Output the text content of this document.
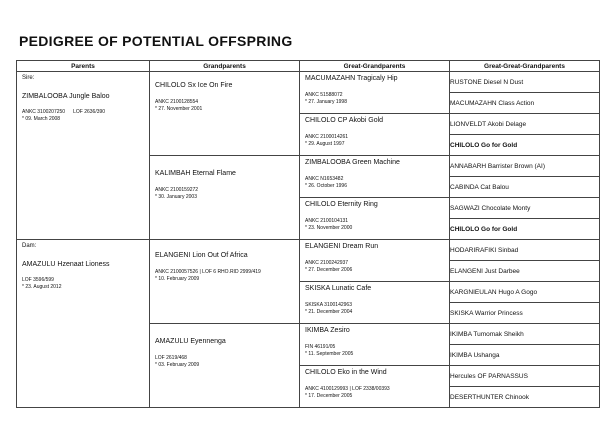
PEDIGREE OF POTENTIAL OFFSPRING
Parents	Grandparents	Great-Grandparents	Great-Great-Grandparents

Sire:
ZIMBALOOBA Jungle Baloo
ANKC 3100207250 LOF 2636/390
* 09. March 2008	CHILOLO Sx Ice On Fire
ANKC 2100128554
* 27. November 2001	MACUMAZAHN Tragicaly Hip
ANKC 51588072
* 27. January 1998	RUSTONE Diesel N Dust
			MACUMAZAHN Class Action

		CHILOLO CP Akobi Gold
ANKC 2100014261
* 29. August 1997	LIONVELDT Akobi Delage
			CHILOLO Go for Gold

	KALIMBAH Eternal Flame
ANKC 2100159272
* 30. January 2003	ZIMBALOOBA Green Machine
ANKC N1653482
* 26. October 1996	ANNABARH Barrister Brown (AI)
			CABINDA Cat Balou

		CHILOLO Eternity Ring
ANKC 2100104131
* 23. November 2000	SAGWAZI Chocolate Monty
			CHILOLO Go for Gold

Dam:
AMAZULU Hzenaat Lioness
LOF 3596/599
* 23. August 2012	ELANGENI Lion Out Of Africa
ANKC 2100057526 | LOF 6 RHO.RID 2999/419
* 10. February 2009	ELANGENI Dream Run
ANKC 2100242937
* 27. December 2006	HODARIRAFIKI Sinbad
			ELANGENI Just Darbee

		SKISKA Lunatic Cafe
SKISKA 3100142963
* 21. December 2004	KARGNIEULAN Hugo A Gogo
			SKISKA Warrior Princess

	AMAZULU Eyennenga
LOF 2619/468
* 03. February 2009	IKIMBA Zesiro
FIN 46191/05
* 11. September 2005	IKIMBA Tumomak Sheikh
			IKIMBA Ushanga

		CHILOLO Eko in the Wind
ANKC 4100129993 | LOF 2338/00393
* 17. December 2005	Hercules OF PARNASSUS
			DESERTHUNTER Chinook
